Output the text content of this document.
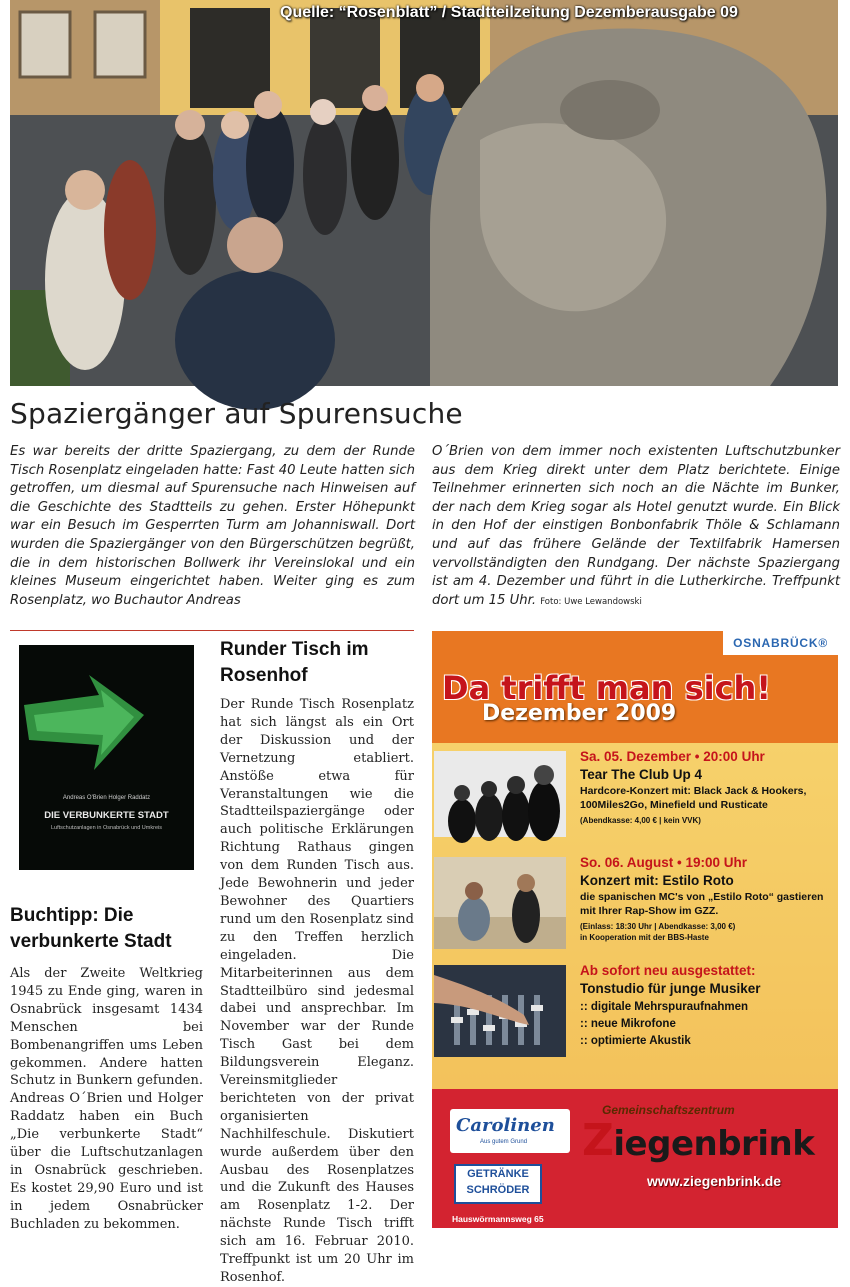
Quelle: “Rosenblatt” / Stadtteilzeitung Dezemberausgabe 09
Spaziergänger auf Spurensuche
Es war bereits der dritte Spaziergang, zu dem der Runde Tisch Rosenplatz eingeladen hatte: Fast 40 Leute hatten sich getroffen, um diesmal auf Spurensuche nach Hinweisen auf die Geschichte des Stadtteils zu gehen. Erster Höhepunkt war ein Besuch im Gesperrten Turm am Johanniswall. Dort wurden die Spaziergänger von den Bürgerschützen begrüßt, die in dem historischen Bollwerk ihr Vereinslokal und ein kleines Museum eingerichtet haben. Weiter ging es zum Rosenplatz, wo Buchautor Andreas
O´Brien von dem immer noch existenten Luftschutzbunker aus dem Krieg direkt unter dem Platz berichtete. Einige Teilnehmer erinnerten sich noch an die Nächte im Bunker, der nach dem Krieg sogar als Hotel genutzt wurde. Ein Blick in den Hof der einstigen Bonbonfabrik Thöle & Schlamann und auf das frühere Gelände der Textilfabrik Hamersen vervollständigten den Rundgang. Der nächste Spaziergang ist am 4. Dezember und führt in die Lutherkirche. Treffpunkt dort um 15 Uhr. Foto: Uwe Lewandowski
Andreas O'Brien Holger Raddatz
DIE VERBUNKERTE STADT
Luftschutzanlagen in Osnabrück und Umkreis
Buchtipp: Die verbunkerte Stadt
Als der Zweite Weltkrieg 1945 zu Ende ging, waren in Osnabrück insgesamt 1434 Menschen bei Bombenangriffen ums Leben gekommen. Andere hatten Schutz in Bunkern gefunden. Andreas O´Brien und Holger Raddatz haben ein Buch „Die verbunkerte Stadt“ über die Luftschutzanlagen in Osnabrück geschrieben. Es kostet 29,90 Euro und ist in jedem Osnabrücker Buchladen zu bekommen.
Runder Tisch im Rosenhof
Der Runde Tisch Rosenplatz hat sich längst als ein Ort der Diskussion und der Vernetzung etabliert. Anstöße etwa für Veranstaltungen wie die Stadtteilspaziergänge oder auch politische Erklärungen Richtung Rathaus gingen von dem Runden Tisch aus. Jede Bewohnerin und jeder Bewohner des Quartiers rund um den Rosenplatz sind zu den Treffen herzlich eingeladen. Die Mitarbeiterinnen aus dem Stadtteilbüro sind jedesmal dabei und ansprechbar. Im November war der Runde Tisch Gast bei dem Bildungsverein Eleganz. Vereinsmitglieder berichteten von der privat organisierten Nachhilfeschule. Diskutiert wurde außerdem über den Ausbau des Rosenplatzes und die Zukunft des Hauses am Rosenplatz 1-2. Der nächste Runde Tisch trifft sich am 16. Februar 2010. Treffpunkt ist um 20 Uhr im Rosenhof.
OSNABRÜCK®
Da trifft man sich!
Dezember 2009
Sa. 05. Dezember • 20:00 Uhr
Tear The Club Up 4
Hardcore-Konzert mit: Black Jack & Hookers, 100Miles2Go, Minefield und Rusticate
(Abendkasse: 4,00 € | kein VVK)
So. 06. August • 19:00 Uhr
Konzert mit: Estilo Roto
die spanischen MC's von „Estilo Roto“ gastieren mit Ihrer Rap-Show im GZZ.
(Einlass: 18:30 Uhr | Abendkasse: 3,00 €)
in Kooperation mit der BBS-Haste
Ab sofort neu ausgestattet:
Tonstudio für junge Musiker
:: digitale Mehrspuraufnahmen
:: neue Mikrofone
:: optimierte Akustik
Carolinen
Aus gutem Grund
GETRÄNKE
SCHRÖDER
Gemeinschaftszentrum
Ziegenbrink
www.ziegenbrink.de
Hauswörmannsweg 65
49082 Osnabrück
Tel.: 0541 - 52344 | gz-ziegenbnrink@osnabrueck.de
